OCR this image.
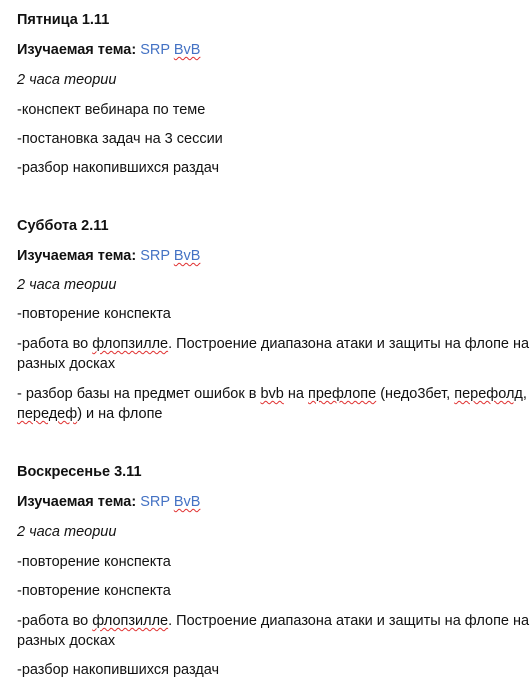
Пятница 1.11
Изучаемая тема: SRP BvB
2 часа теории
-конспект вебинара по теме
-постановка задач на 3 сессии
-разбор накопившихся раздач
Суббота 2.11
Изучаемая тема: SRP BvB
2 часа теории
-повторение конспекта
-работа во флопзилле. Построение диапазона атаки и защиты на флопе на
разных досках
- разбор базы на предмет ошибок в bvb на префлопе (недо3бет, перефолд,
передеф) и на флопе
Воскресенье 3.11
Изучаемая тема: SRP BvB
2 часа теории
-повторение конспекта
-повторение конспекта
-работа во флопзилле. Построение диапазона атаки и защиты на флопе на
разных досках
-разбор накопившихся раздач
